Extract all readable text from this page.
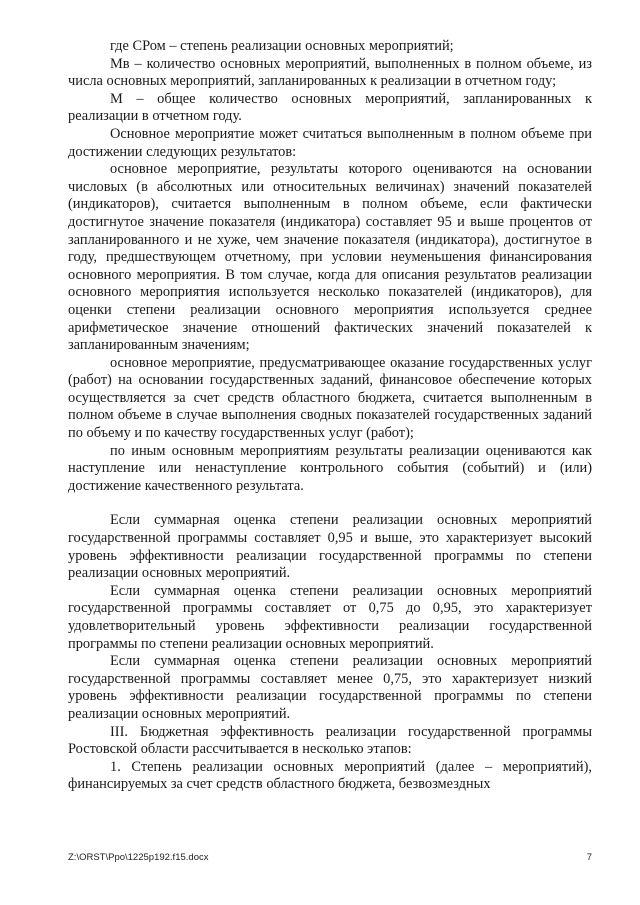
где СРом – степень реализации основных мероприятий;

Мв – количество основных мероприятий, выполненных в полном объеме, из числа основных мероприятий, запланированных к реализации в отчетном году;

М – общее количество основных мероприятий, запланированных к реализации в отчетном году.

Основное мероприятие может считаться выполненным в полном объеме при достижении следующих результатов:

основное мероприятие, результаты которого оцениваются на основании числовых (в абсолютных или относительных величинах) значений показателей (индикаторов), считается выполненным в полном объеме, если фактически достигнутое значение показателя (индикатора) составляет 95 и выше процентов от запланированного и не хуже, чем значение показателя (индикатора), достигнутое в году, предшествующем отчетному, при условии неуменьшения финансирования основного мероприятия. В том случае, когда для описания результатов реализации основного мероприятия используется несколько показателей (индикаторов), для оценки степени реализации основного мероприятия используется среднее арифметическое значение отношений фактических значений показателей к запланированным значениям;

основное мероприятие, предусматривающее оказание государственных услуг (работ) на основании государственных заданий, финансовое обеспечение которых осуществляется за счет средств областного бюджета, считается выполненным в полном объеме в случае выполнения сводных показателей государственных заданий по объему и по качеству государственных услуг (работ);

по иным основным мероприятиям результаты реализации оцениваются как наступление или ненаступление контрольного события (событий) и (или) достижение качественного результата.

Если суммарная оценка степени реализации основных мероприятий государственной программы составляет 0,95 и выше, это характеризует высокий уровень эффективности реализации государственной программы по степени реализации основных мероприятий.

Если суммарная оценка степени реализации основных мероприятий государственной программы составляет от 0,75 до 0,95, это характеризует удовлетворительный уровень эффективности реализации государственной программы по степени реализации основных мероприятий.

Если суммарная оценка степени реализации основных мероприятий государственной программы составляет менее 0,75, это характеризует низкий уровень эффективности реализации государственной программы по степени реализации основных мероприятий.

III. Бюджетная эффективность реализации государственной программы Ростовской области рассчитывается в несколько этапов:

1. Степень реализации основных мероприятий (далее – мероприятий), финансируемых за счет средств областного бюджета, безвозмездных

Z:\ORST\Ppo\1225p192.f15.docx	7
